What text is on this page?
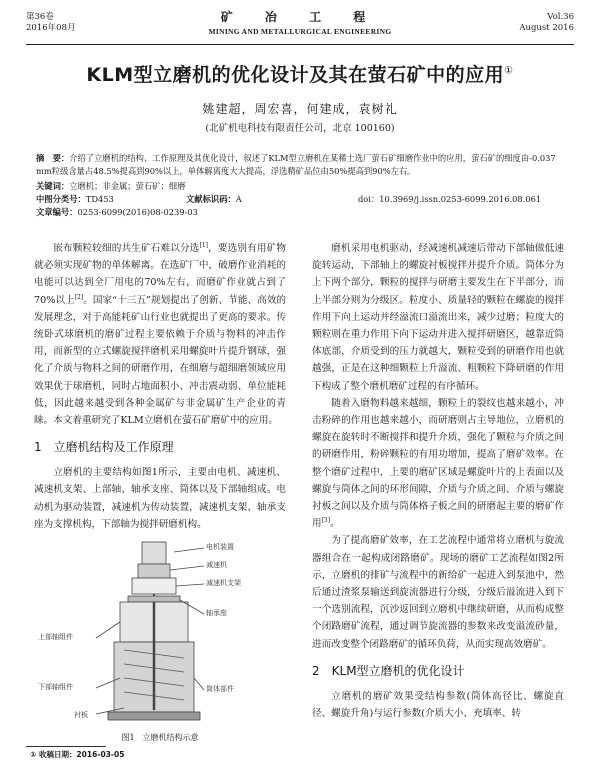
第36卷
2016年08月
矿 冶 工 程
MINING AND METALLURGICAL ENGINEERING
Vol.36
August 2016
KLM型立磨机的优化设计及其在萤石矿中的应用①
姚建超，周宏喜，何建成，袁树礼
(北矿机电科技有限责任公司，北京 100160)
摘　要：介绍了立磨机的结构、工作原理及其优化设计，叙述了KLM型立磨机在某稀土选厂萤石矿细磨作业中的应用，萤石矿的细度由-0.037 mm粒级含量占48.5%提高到90%以上，单体解离度大大提高，浮选精矿品位由50%提高到90%左右。
关键词：立磨机；非金属；萤石矿；细磨
中图分类号：TD453	文献标识码：A	doi：10.3969/j.issn.0253-6099.2016.08.061
文章编号：0253-6099(2016)08-0239-03

嵌布颗粒较细的共生矿石难以分选[1]，要选别有用矿物就必须实现矿物的单体解离。在选矿厂中，破磨作业消耗的电能可以达到全厂用电的70%左右，而磨矿作业就占到了70%以上[2]。国家“十三五”规划提出了创新、节能、高效的发展理念，对于高能耗矿山行业也就提出了更高的要求。传统卧式球磨机的磨矿过程主要依赖于介质与物料的冲击作用，而新型的立式螺旋搅拌磨机采用螺旋叶片提升钢球，强化了介质与物料之间的研磨作用，在细磨与超细磨领域应用效果优于球磨机，同时占地面积小、冲击震动弱、单位能耗低，因此越来越受到各种金属矿与非金属矿生产企业的青睐。本文着重研究了KLM立磨机在萤石矿磨矿中的应用。

1　立磨机结构及工作原理

立磨机的主要结构如图1所示，主要由电机、减速机、减速机支架、上部轴、轴承支座、筒体以及下部轴组成。电动机为驱动装置，减速机为传动装置，减速机支架、轴承支座为支撑机构，下部轴为搅拌研磨机构。

电机装置
减速机
减速机支架
上部轴组件
轴承座
下部轴组件	筒体部件
衬板
图1　立磨机结构示意

磨机采用电机驱动，经减速机减速后带动下部轴做低速旋转运动，下部轴上的螺旋衬板搅拌并提升介质。筒体分为上下两个部分，颗粒的搅拌与研磨主要发生在下半部分，而上半部分则为分级区。粒度小、质量轻的颗粒在螺旋的搅拌作用下向上运动并经溢流口溢流出来，减少过磨；粒度大的颗粒则在重力作用下向下运动并进入搅拌研磨区，越靠近筒体底部，介质受到的压力就越大，颗粒受到的研磨作用也就越强，正是在这种细颗粒上升溢流、粗颗粒下降研磨的作用下构成了整个磨机磨矿过程的有序循环。

随着入磨物料越来越细，颗粒上的裂纹也越来越小，冲击粉碎的作用也越来越小，而研磨则占主导地位，立磨机的螺旋在旋转时不断搅拌和提升介质，强化了颗粒与介质之间的研磨作用，粉碎颗粒的有用功增加，提高了磨矿效率。在整个磨矿过程中，上要的磨矿区域是螺旋叶片的上表面以及螺旋与筒体之间的环形间隙，介质与介质之间、介质与螺旋衬板之间以及介质与筒体格子板之间的研磨起主要的磨矿作用[3]。

为了提高磨矿效率，在工艺流程中通常将立磨机与旋流器组合在一起构成闭路磨矿。现场的磨矿工艺流程如图2所示，立磨机的排矿与流程中的新给矿一起进入到泵池中，然后通过渣浆泵输送到旋流器进行分级，分级后溢流进入到下一个选别流程，沉沙返回到立磨机中继续研磨，从而构成整个闭路磨矿流程，通过调节旋流器的参数来改变溢流砂量，进而改变整个闭路磨矿的循环负荷，从而实现高效磨矿。

2　KLM型立磨机的优化设计

立磨机的磨矿效果受结构参数(筒体高径比、螺旋直径、螺旋升角)与运行参数(介质大小、充填率、转

① 收稿日期：2016-03-05
